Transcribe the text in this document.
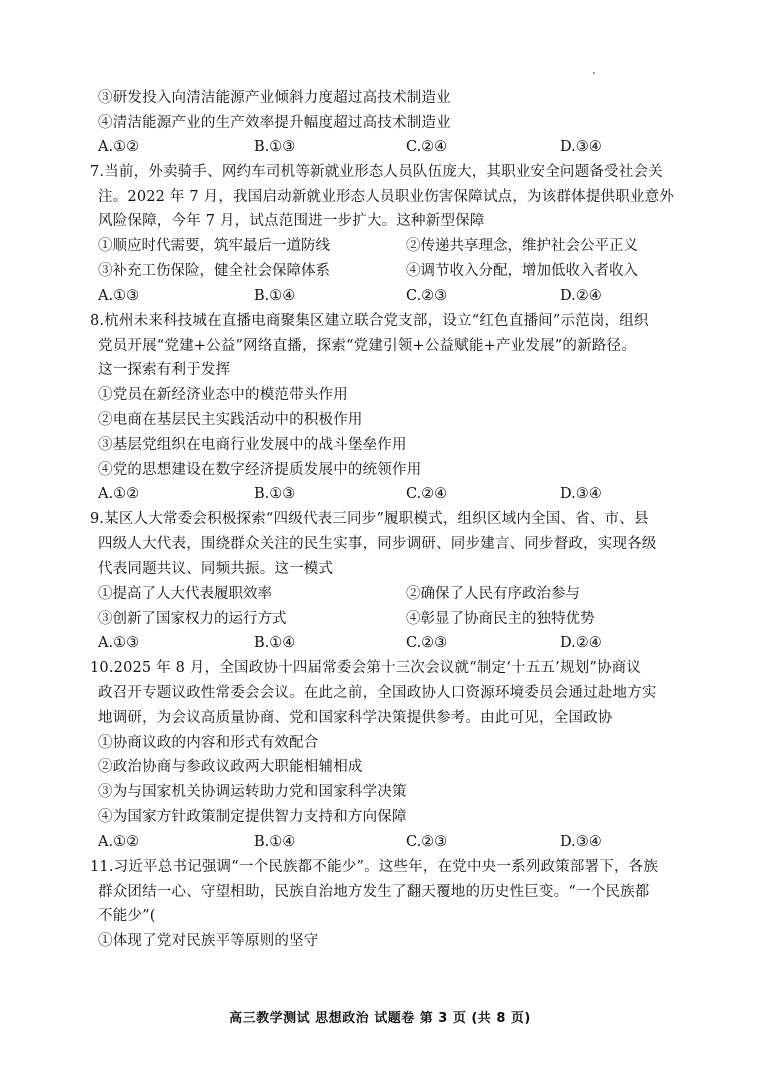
③研发投入向清洁能源产业倾斜力度超过高技术制造业
④清洁能源产业的生产效率提升幅度超过高技术制造业
A.①②	B.①③	C.②④	D.③④
7.当前，外卖骑手、网约车司机等新就业形态人员队伍庞大，其职业安全问题备受社会关
注。2022 年 7 月，我国启动新就业形态人员职业伤害保障试点，为该群体提供职业意外
风险保障，今年 7 月，试点范围进一步扩大。这种新型保障
①顺应时代需要，筑牢最后一道防线	②传递共享理念，维护社会公平正义
③补充工伤保险，健全社会保障体系	④调节收入分配，增加低收入者收入
A.①③	B.①④	C.②③	D.②④
8.杭州未来科技城在直播电商聚集区建立联合党支部，设立“红色直播间”示范岗，组织
党员开展“党建+公益”网络直播，探索“党建引领+公益赋能+产业发展”的新路径。
这一探索有利于发挥
①党员在新经济业态中的模范带头作用
②电商在基层民主实践活动中的积极作用
③基层党组织在电商行业发展中的战斗堡垒作用
④党的思想建设在数字经济提质发展中的统领作用
A.①②	B.①③	C.②④	D.③④
9.某区人大常委会积极探索“四级代表三同步”履职模式，组织区域内全国、省、市、县
四级人大代表，围绕群众关注的民生实事，同步调研、同步建言、同步督政，实现各级
代表同题共议、同频共振。这一模式
①提高了人大代表履职效率	②确保了人民有序政治参与
③创新了国家权力的运行方式	④彰显了协商民主的独特优势
A.①③	B.①④	C.②③	D.②④
10.2025 年 8 月，全国政协十四届常委会第十三次会议就“制定‘十五五’规划”协商议
政召开专题议政性常委会会议。在此之前，全国政协人口资源环境委员会通过赴地方实
地调研，为会议高质量协商、党和国家科学决策提供参考。由此可见，全国政协
①协商议政的内容和形式有效配合
②政治协商与参政议政两大职能相辅相成
③为与国家机关协调运转助力党和国家科学决策
④为国家方针政策制定提供智力支持和方向保障
A.①②	B.①④	C.②③	D.③④
11.习近平总书记强调“一个民族都不能少”。这些年，在党中央一系列政策部署下，各族
群众团结一心、守望相助，民族自治地方发生了翻天覆地的历史性巨变。“一个民族都
不能少”(
①体现了党对民族平等原则的坚守
高三教学测试 思想政治 试题卷 第 3 页 (共 8 页)
